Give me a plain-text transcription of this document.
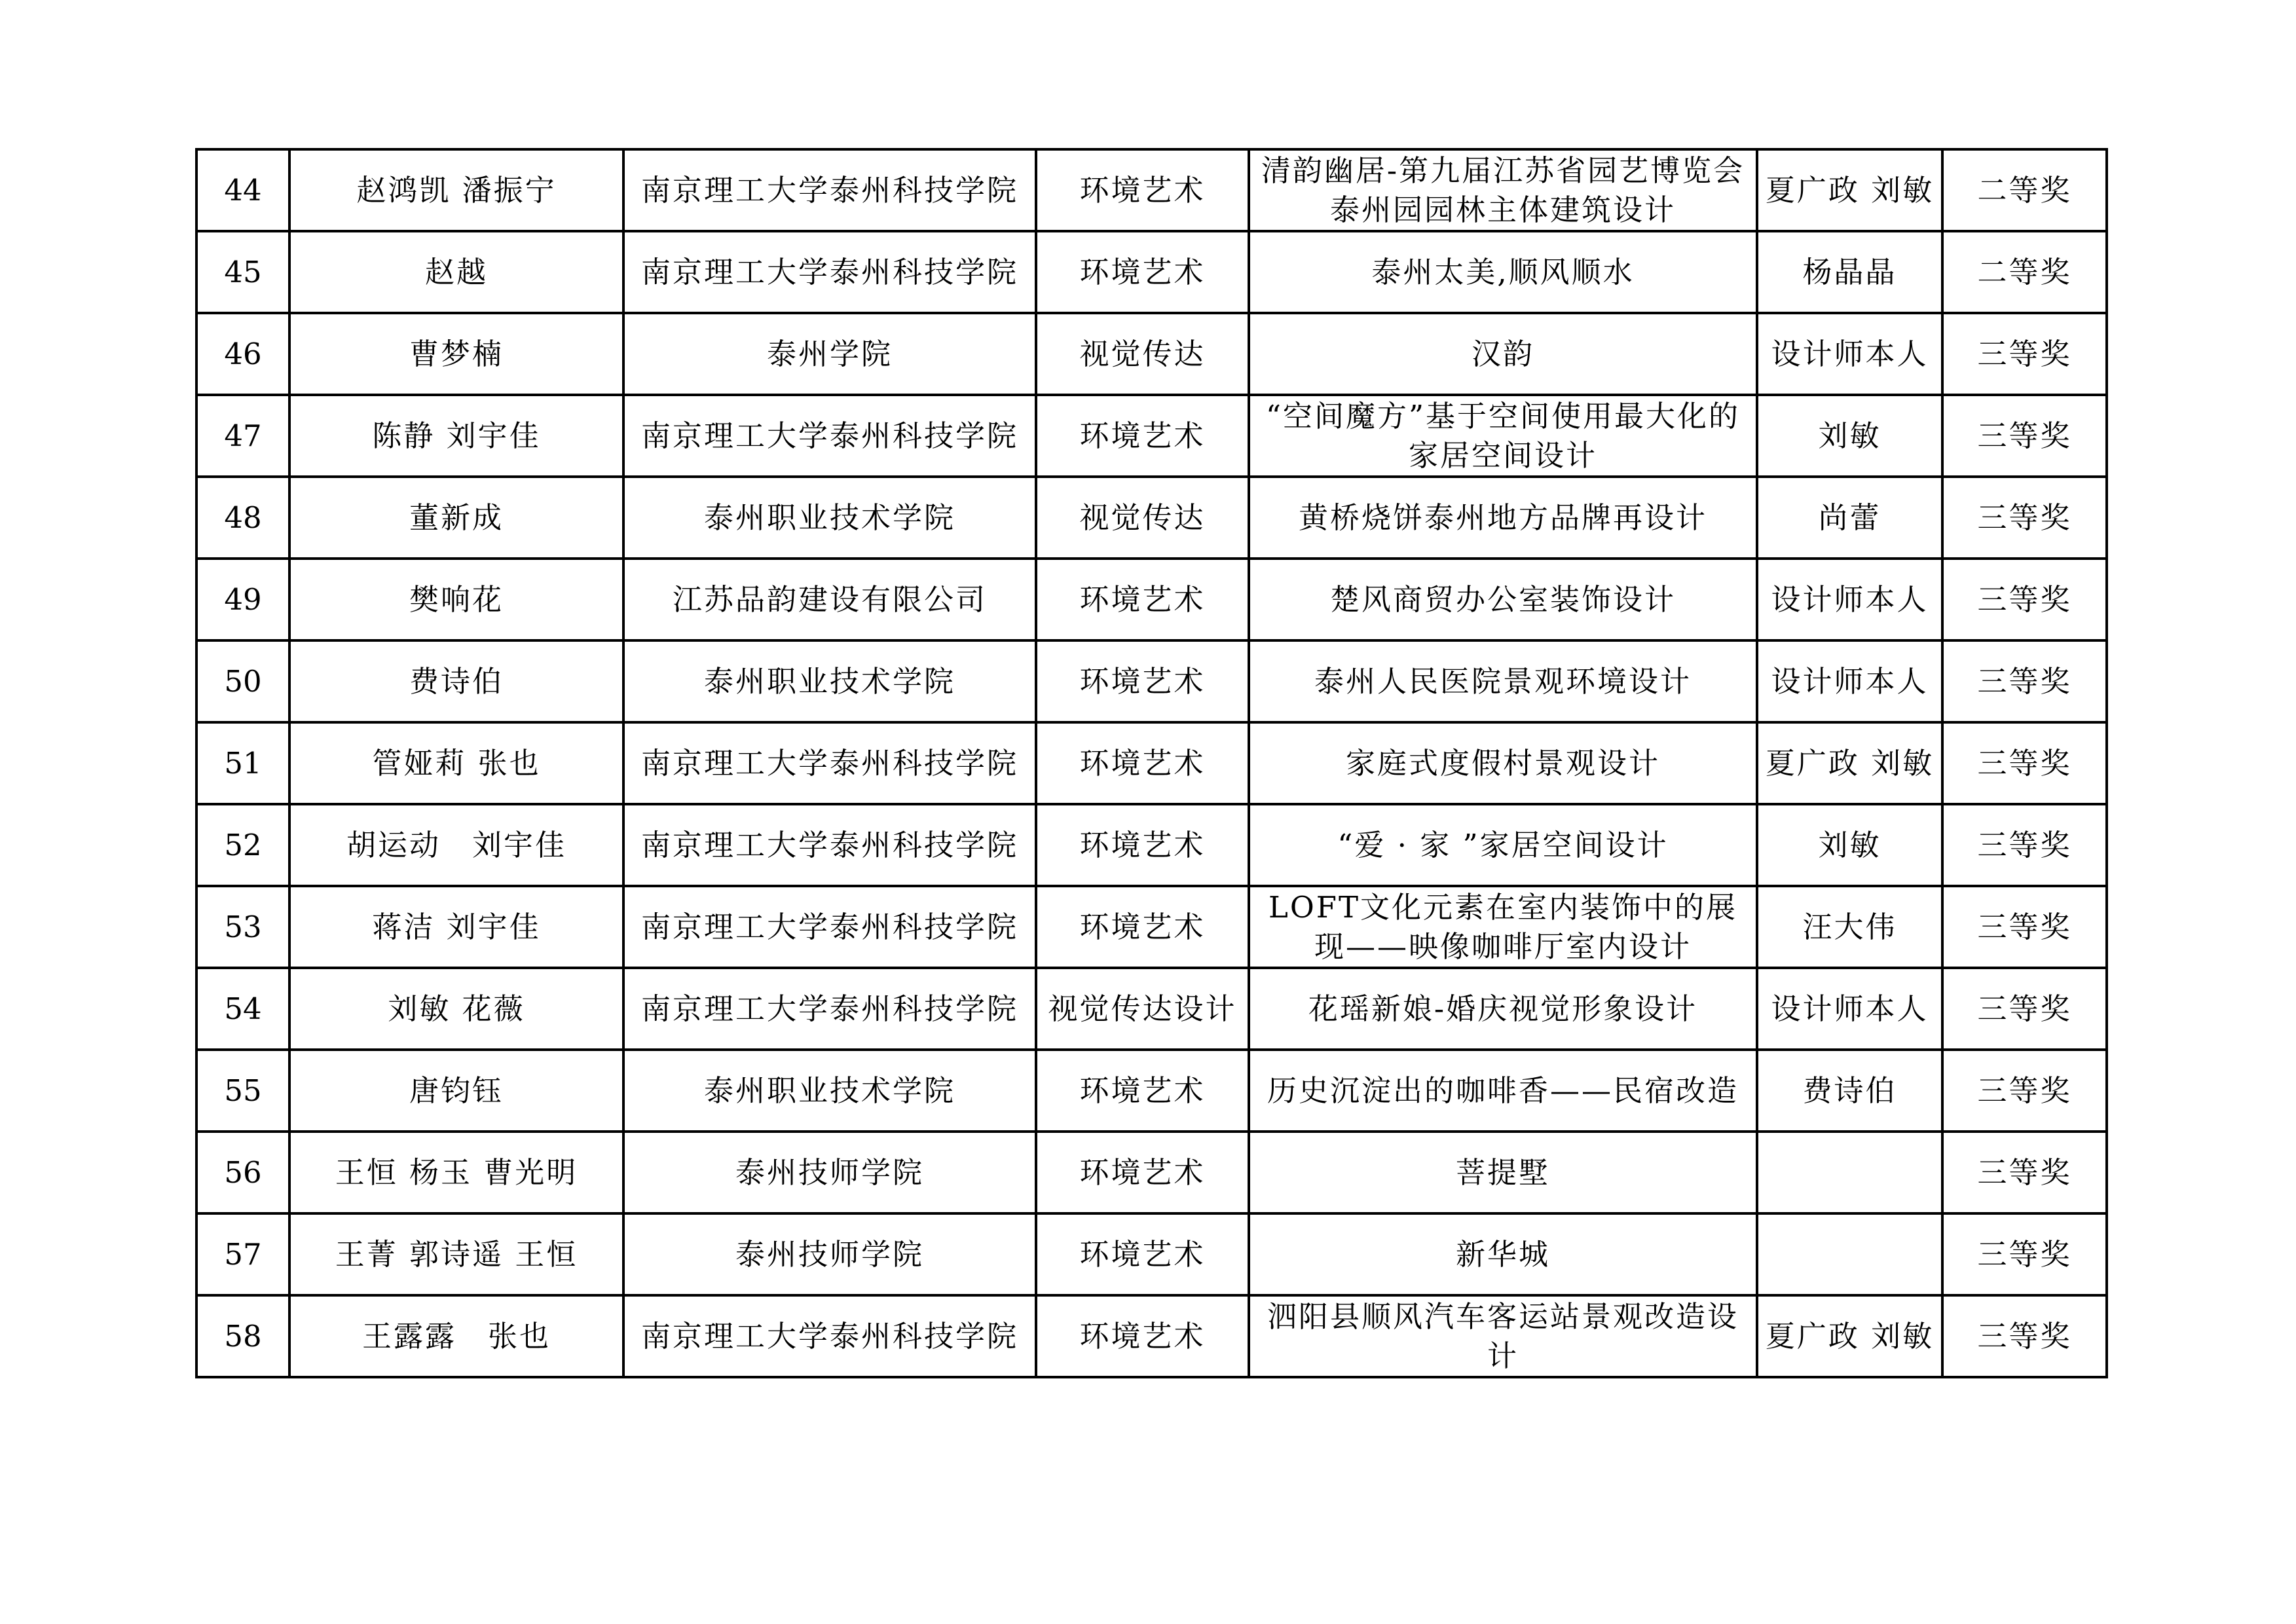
44	赵鸿凯 潘振宁	南京理工大学泰州科技学院	环境艺术	清韵幽居-第九届江苏省园艺博览会泰州园园林主体建筑设计	夏广政 刘敏	二等奖
45	赵越	南京理工大学泰州科技学院	环境艺术	泰州太美,顺风顺水	杨晶晶	二等奖
46	曹梦楠	泰州学院	视觉传达	汉韵	设计师本人	三等奖
47	陈静 刘宇佳	南京理工大学泰州科技学院	环境艺术	“空间魔方”基于空间使用最大化的家居空间设计	刘敏	三等奖
48	董新成	泰州职业技术学院	视觉传达	黄桥烧饼泰州地方品牌再设计	尚蕾	三等奖
49	樊响花	江苏品韵建设有限公司	环境艺术	楚风商贸办公室装饰设计	设计师本人	三等奖
50	费诗伯	泰州职业技术学院	环境艺术	泰州人民医院景观环境设计	设计师本人	三等奖
51	管娅莉 张也	南京理工大学泰州科技学院	环境艺术	家庭式度假村景观设计	夏广政 刘敏	三等奖
52	胡运动　刘宇佳	南京理工大学泰州科技学院	环境艺术	“爱 · 家 ”家居空间设计	刘敏	三等奖
53	蒋洁 刘宇佳	南京理工大学泰州科技学院	环境艺术	LOFT文化元素在室内装饰中的展现——映像咖啡厅室内设计	汪大伟	三等奖
54	刘敏 花薇	南京理工大学泰州科技学院	视觉传达设计	花瑶新娘-婚庆视觉形象设计	设计师本人	三等奖
55	唐钧钰	泰州职业技术学院	环境艺术	历史沉淀出的咖啡香——民宿改造	费诗伯	三等奖
56	王恒 杨玉 曹光明	泰州技师学院	环境艺术	菩提墅		三等奖
57	王菁 郭诗遥 王恒	泰州技师学院	环境艺术	新华城		三等奖
58	王露露　张也	南京理工大学泰州科技学院	环境艺术	泗阳县顺风汽车客运站景观改造设计	夏广政 刘敏	三等奖
